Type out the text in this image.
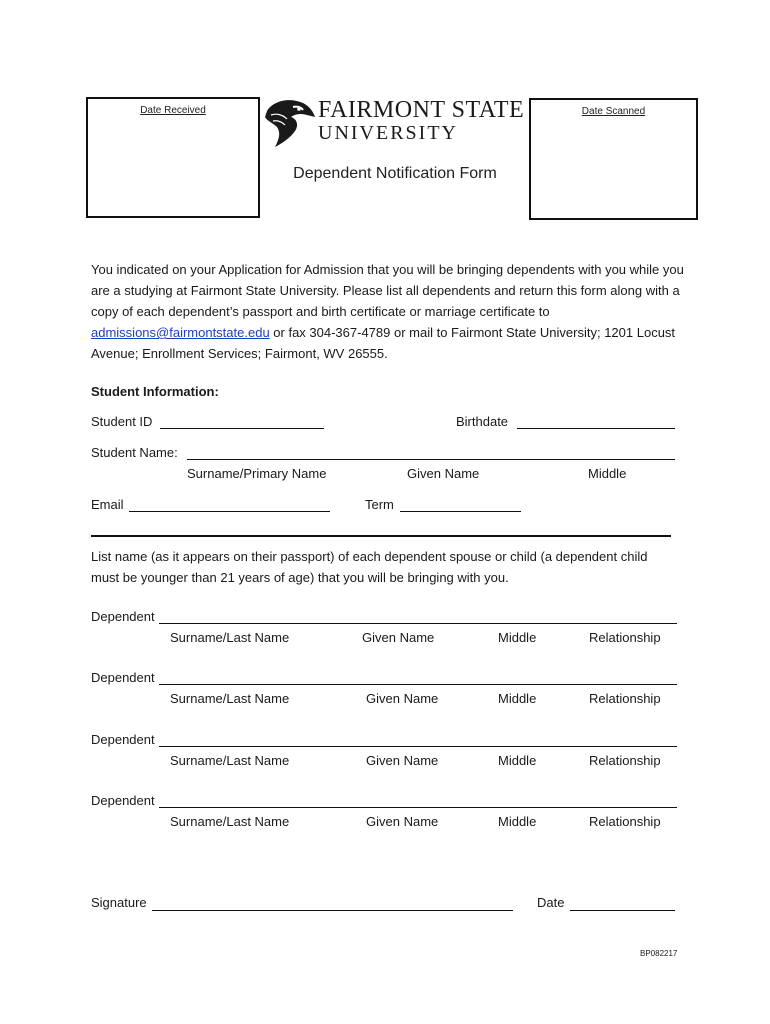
Date Received	Date Scanned
FAIRMONT STATE
UNIVERSITY
Dependent Notification Form
You indicated on your Application for Admission that you will be bringing dependents with you while you are a studying at Fairmont State University. Please list all dependents and return this form along with a copy of each dependent’s passport and birth certificate or marriage certificate to admissions@fairmontstate.edu or fax 304-367-4789 or mail to Fairmont State University; 1201 Locust Avenue; Enrollment Services; Fairmont, WV 26555.
Student Information:
Student ID	Birthdate
Student Name:
Surname/Primary Name	Given Name	Middle
Email	Term
List name (as it appears on their passport) of each dependent spouse or child (a dependent child must be younger than 21 years of age) that you will be bringing with you.
Dependent
Surname/Last Name	Given Name	Middle	Relationship
Dependent
Surname/Last Name	Given Name	Middle	Relationship
Dependent
Surname/Last Name	Given Name	Middle	Relationship
Dependent
Surname/Last Name	Given Name	Middle	Relationship
Signature	Date
BP082217
